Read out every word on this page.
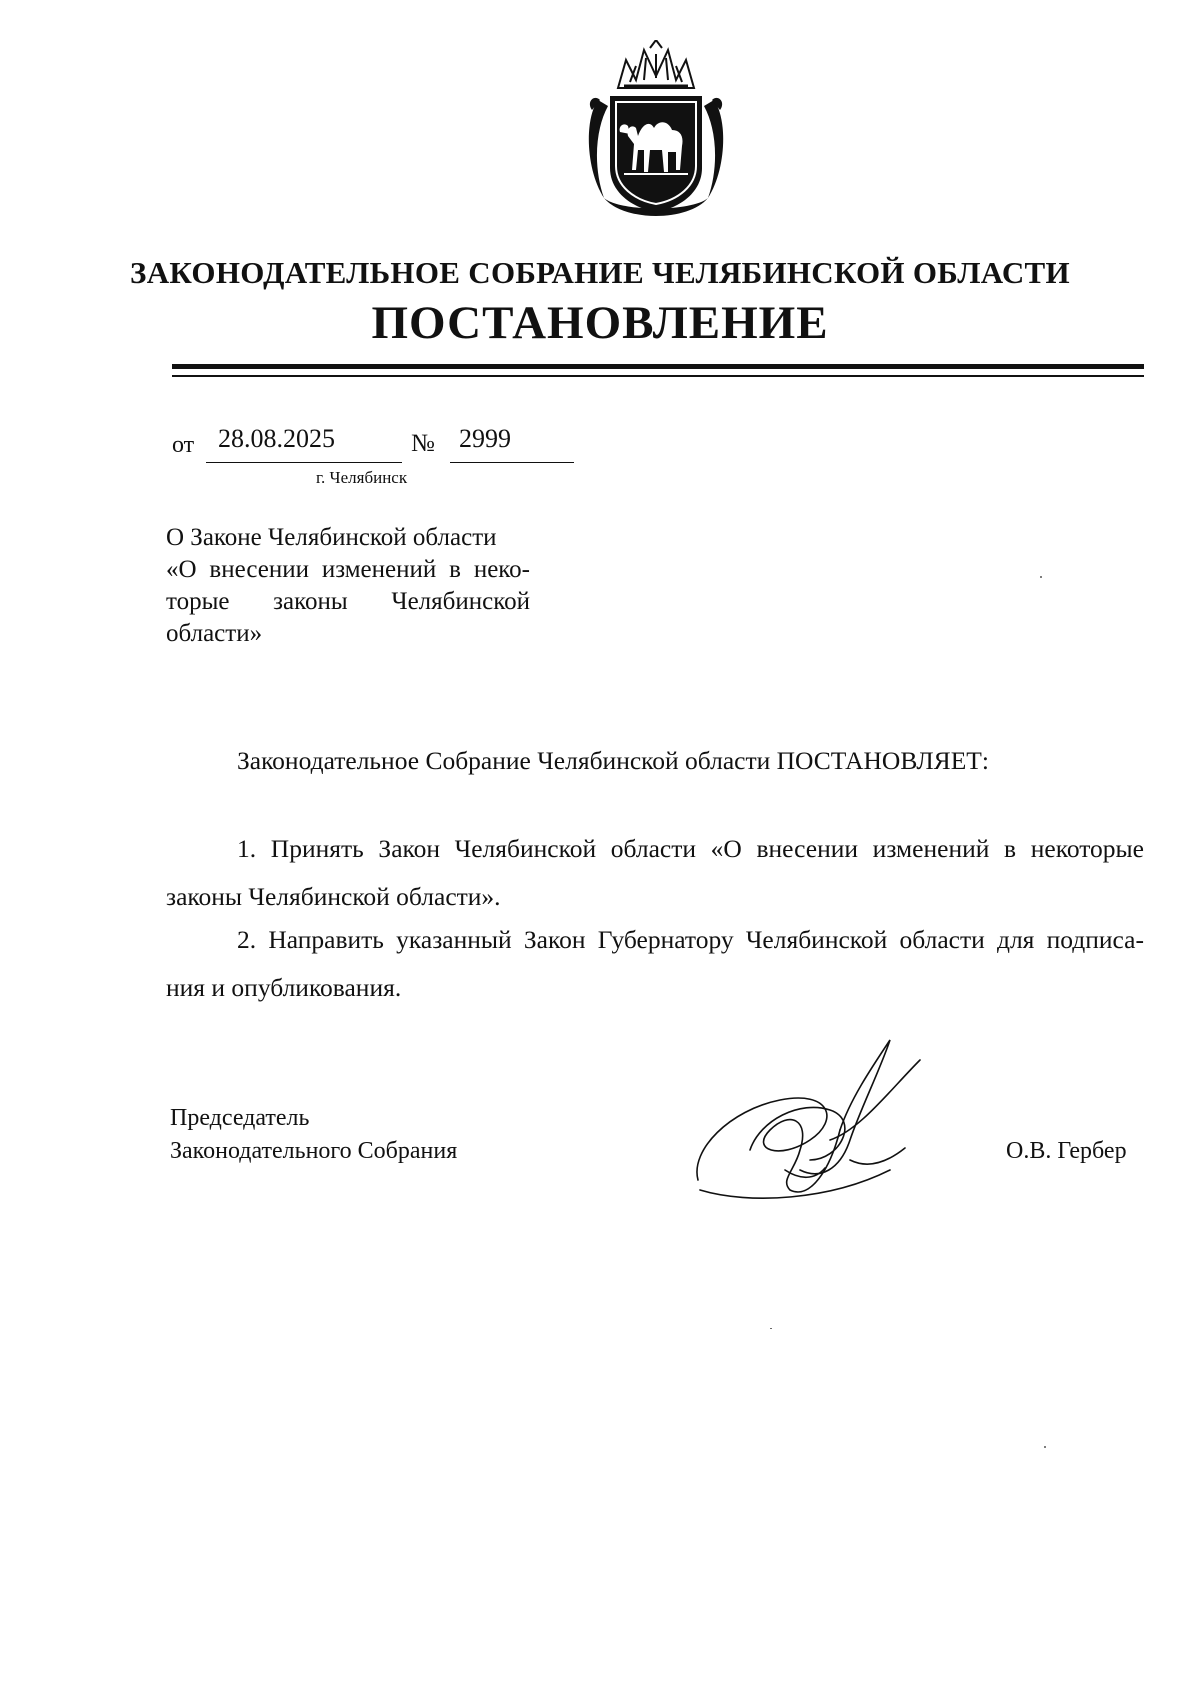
ЗАКОНОДАТЕЛЬНОЕ СОБРАНИЕ ЧЕЛЯБИНСКОЙ ОБЛАСТИ
ПОСТАНОВЛЕНИЕ
от 28.08.2025	№ 2999
г. Челябинск
О Законе Челябинской области
«О внесении изменений в неко-
торые законы Челябинской
области»
Законодательное Собрание Челябинской области ПОСТАНОВЛЯЕТ:
1. Принять Закон Челябинской области «О внесении изменений в некоторые
законы Челябинской области».
2. Направить указанный Закон Губернатору Челябинской области для подписа-
ния и опубликования.
Председатель
Законодательного Собрания	О.В. Гербер
